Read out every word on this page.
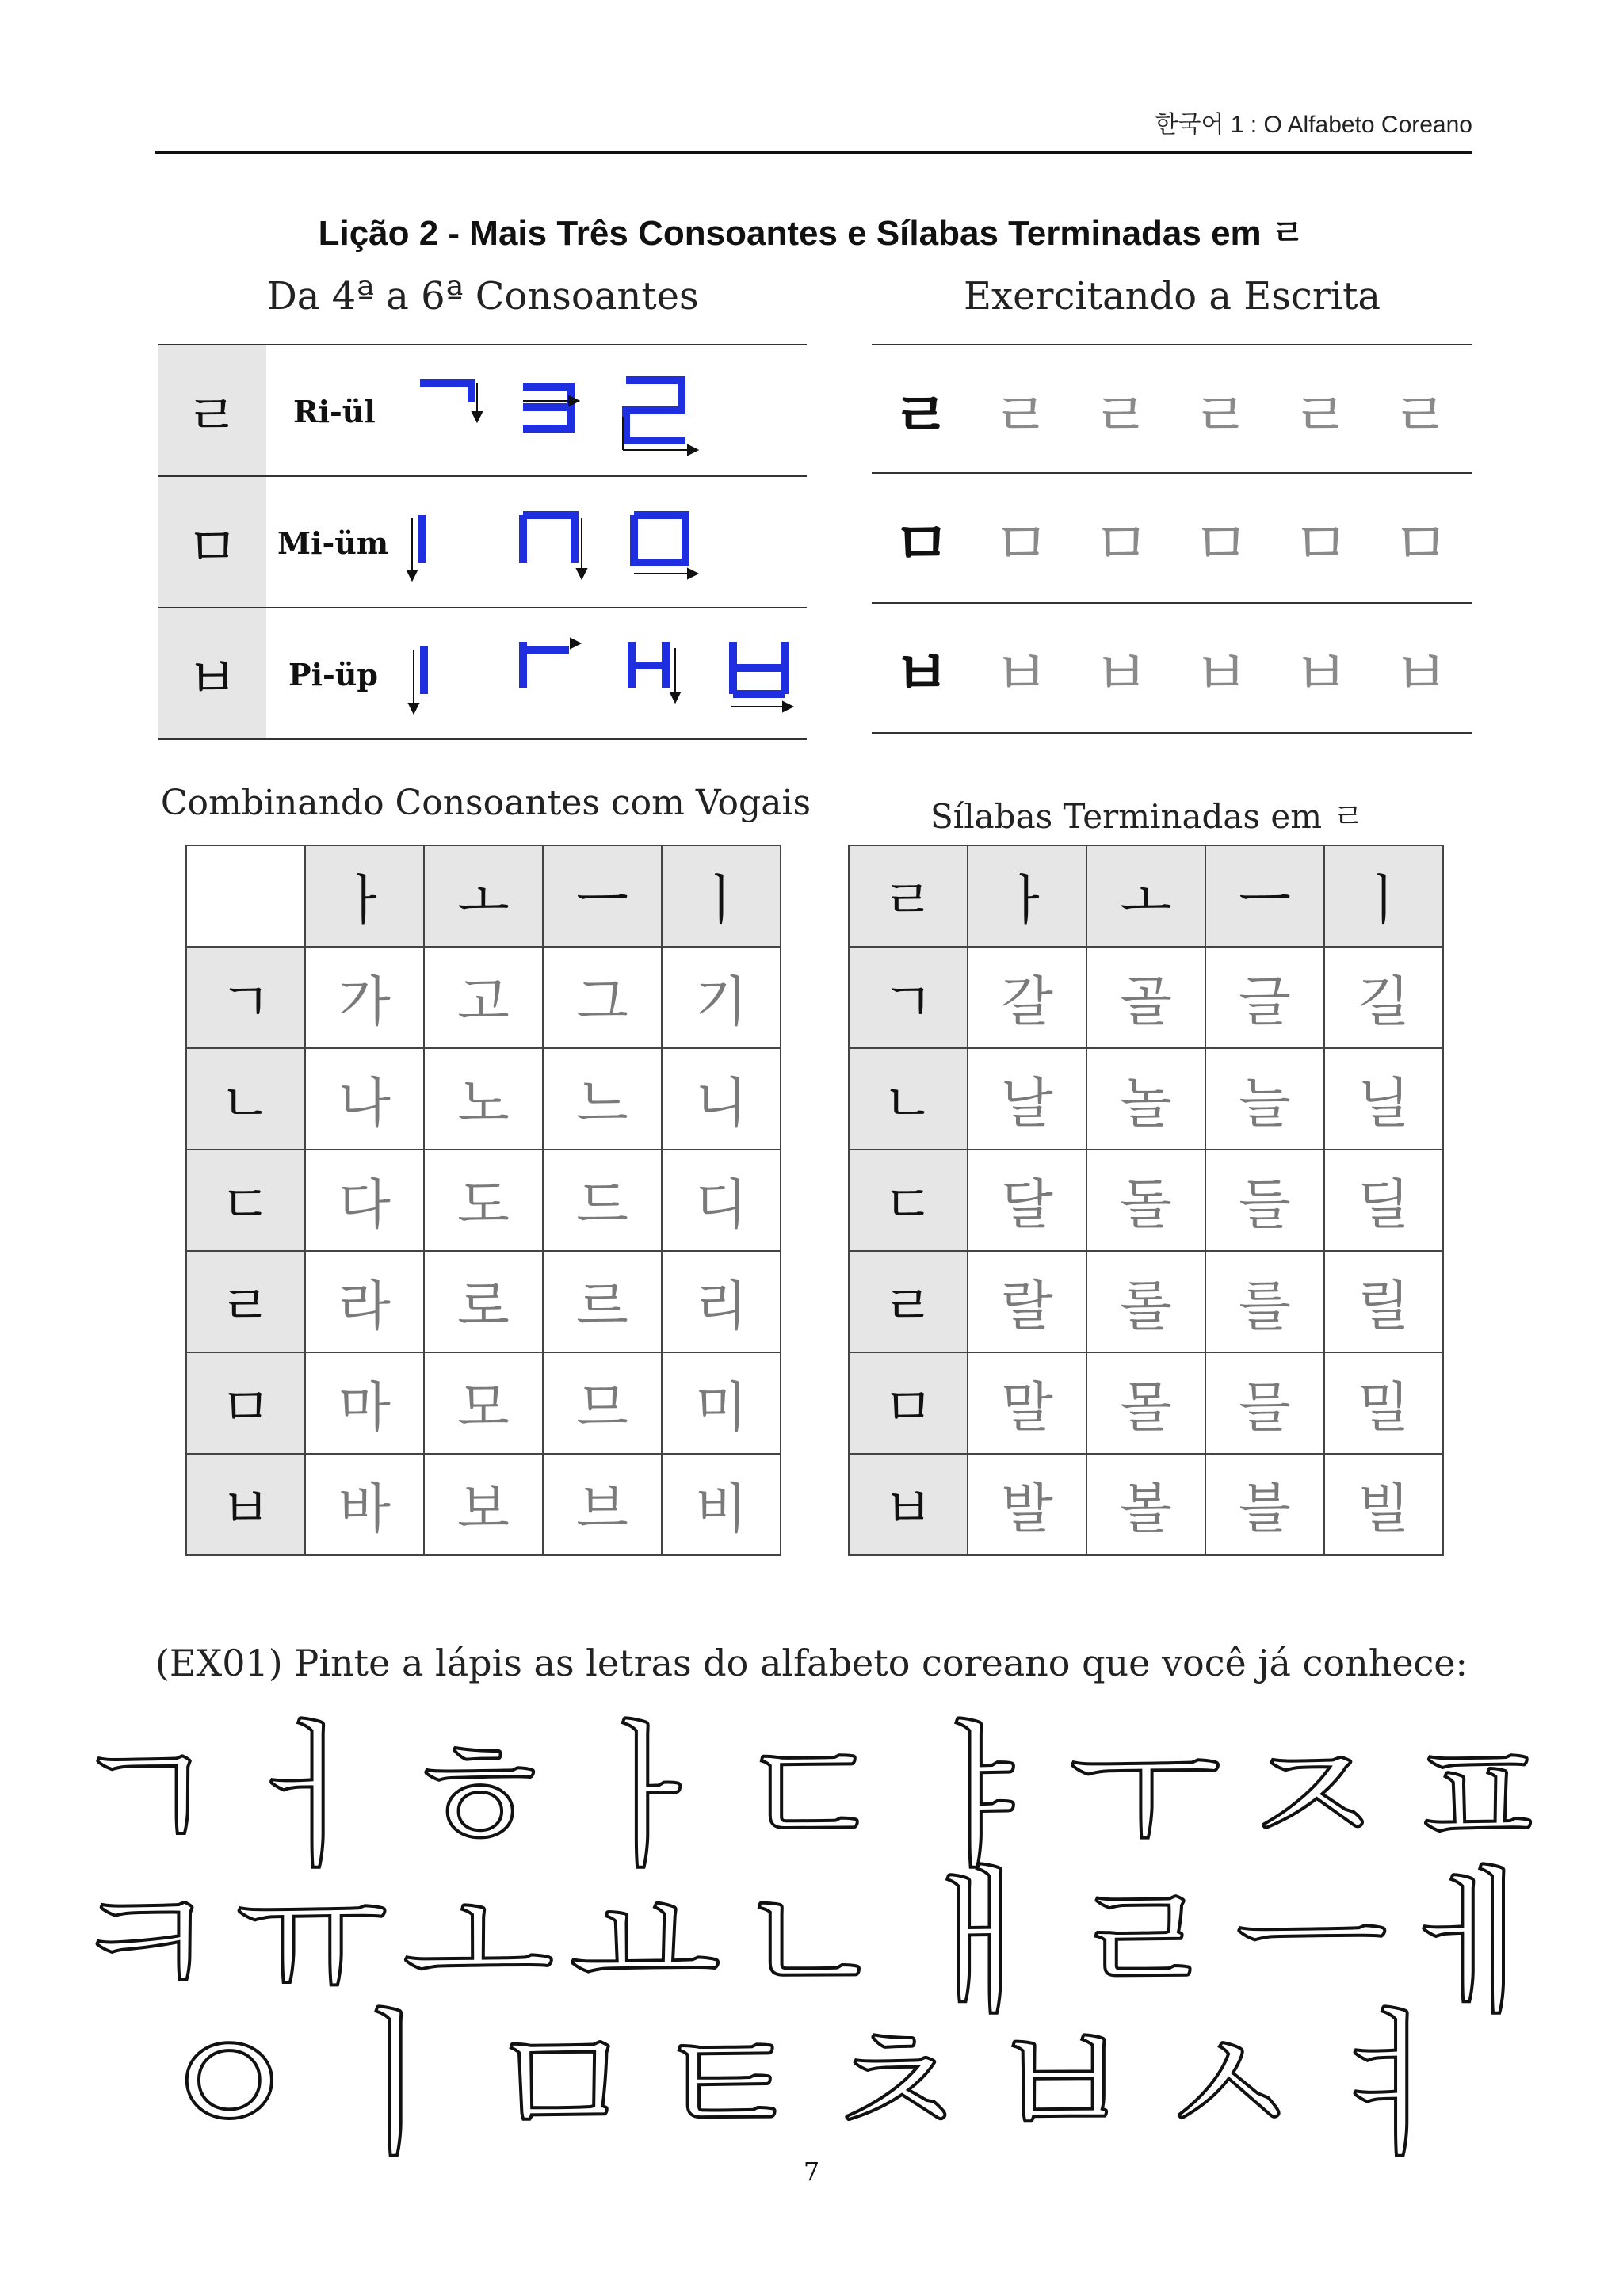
한국어 1 : O Alfabeto Coreano
Lição 2 - Mais Três Consoantes e Sílabas Terminadas em ㄹ
Da 4ª a 6ª Consoantes
ㄹ	Ri-ül
ㅁ	Mi-üm
ㅂ	Pi-üp
Exercitando a Escrita
ㄹ ㄹ ㄹ ㄹ ㄹ ㄹ
ㅁ ㅁ ㅁ ㅁ ㅁ ㅁ
ㅂ ㅂ ㅂ ㅂ ㅂ ㅂ
Combinando Consoantes com Vogais	Sílabas Terminadas em ㄹ
	ㅏ	ㅗ	ㅡ	ㅣ
ㄱ	가	고	그	기
ㄴ	나	노	느	니
ㄷ	다	도	드	디
ㄹ	라	로	르	리
ㅁ	마	모	므	미
ㅂ	바	보	브	비
ㄹ	ㅏ	ㅗ	ㅡ	ㅣ
ㄱ	갈	골	글	길
ㄴ	날	놀	늘	닐
ㄷ	달	돌	들	딜
ㄹ	랄	롤	를	릴
ㅁ	말	몰	믈	밀
ㅂ	발	볼	블	빌
(EX01) Pinte a lápis as letras do alfabeto coreano que você já conhece:
ㄱ ㅓ ㅎ ㅏ ㄷ ㅑ ㅜ ㅈ ㅍ
ㅋ ㅠ ㅗ ㅛ ㄴ ㅐ ㄹ ㅡ ㅔ
ㅇ ㅣ ㅁ ㅌ ㅊ ㅂ ㅅ ㅕ
7
